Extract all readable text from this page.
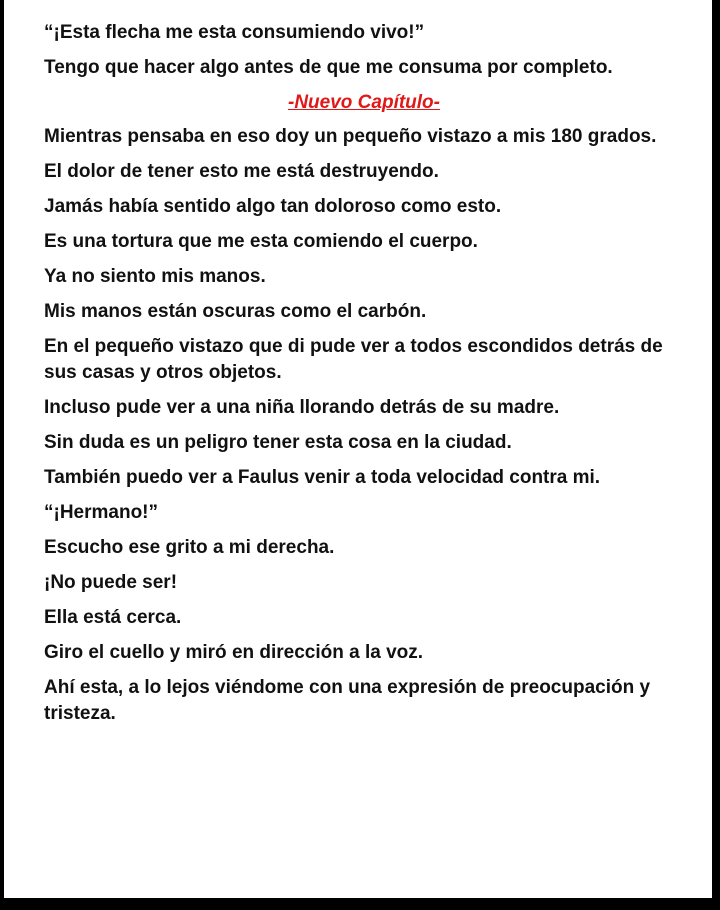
“¡Esta flecha me esta consumiendo vivo!”

Tengo que hacer algo antes de que me consuma por completo.

-Nuevo Capítulo-

Mientras pensaba en eso doy un pequeño vistazo a mis 180 grados.

El dolor de tener esto me está destruyendo.

Jamás había sentido algo tan doloroso como esto.

Es una tortura que me esta comiendo el cuerpo.

Ya no siento mis manos.

Mis manos están oscuras como el carbón.

En el pequeño vistazo que di pude ver a todos escondidos detrás de sus casas y otros objetos.

Incluso pude ver a una niña llorando detrás de su madre.

Sin duda es un peligro tener esta cosa en la ciudad.

También puedo ver a Faulus venir a toda velocidad contra mi.

“¡Hermano!”

Escucho ese grito a mi derecha.

¡No puede ser!

Ella está cerca.

Giro el cuello y miró en dirección a la voz.

Ahí esta, a lo lejos viéndome con una expresión de preocupación y tristeza.
